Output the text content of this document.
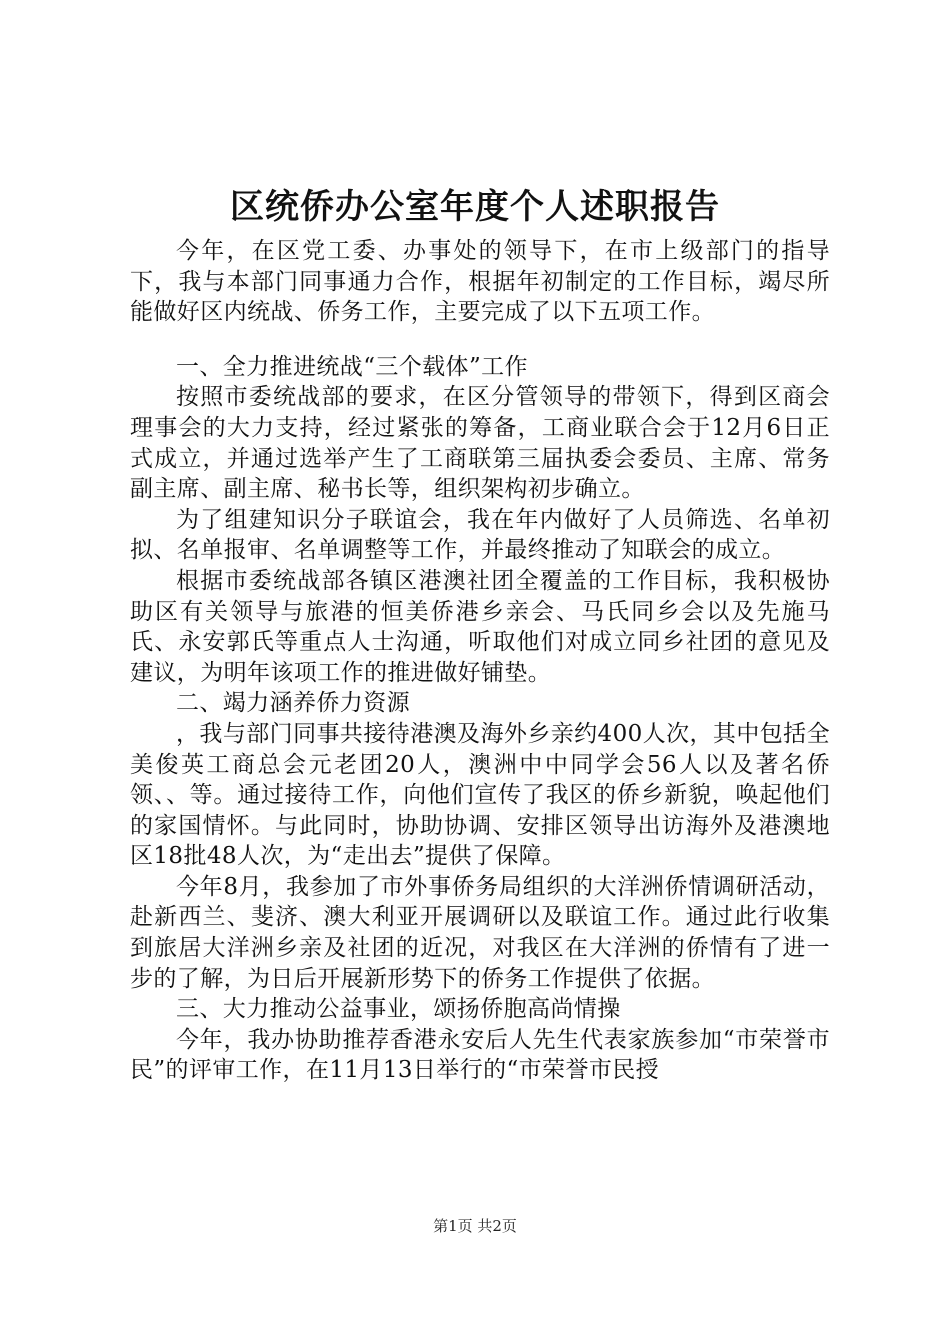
区统侨办公室年度个人述职报告

今年，在区党工委、办事处的领导下，在市上级部门的指导下，我与本部门同事通力合作，根据年初制定的工作目标，竭尽所能做好区内统战、侨务工作，主要完成了以下五项工作。

一、全力推进统战“三个载体”工作

按照市委统战部的要求，在区分管领导的带领下，得到区商会理事会的大力支持，经过紧张的筹备，工商业联合会于12月6日正式成立，并通过选举产生了工商联第三届执委会委员、主席、常务副主席、副主席、秘书长等，组织架构初步确立。

为了组建知识分子联谊会，我在年内做好了人员筛选、名单初拟、名单报审、名单调整等工作，并最终推动了知联会的成立。

根据市委统战部各镇区港澳社团全覆盖的工作目标，我积极协助区有关领导与旅港的恒美侨港乡亲会、马氏同乡会以及先施马氏、永安郭氏等重点人士沟通，听取他们对成立同乡社团的意见及建议，为明年该项工作的推进做好铺垫。

二、竭力涵养侨力资源

，我与部门同事共接待港澳及海外乡亲约400人次，其中包括全美俊英工商总会元老团20人，澳洲中中同学会56人以及著名侨领、、等。通过接待工作，向他们宣传了我区的侨乡新貌，唤起他们的家国情怀。与此同时，协助协调、安排区领导出访海外及港澳地区18批48人次，为“走出去”提供了保障。

今年8月，我参加了市外事侨务局组织的大洋洲侨情调研活动，赴新西兰、斐济、澳大利亚开展调研以及联谊工作。通过此行收集到旅居大洋洲乡亲及社团的近况，对我区在大洋洲的侨情有了进一步的了解，为日后开展新形势下的侨务工作提供了依据。

三、大力推动公益事业，颂扬侨胞高尚情操

今年，我办协助推荐香港永安后人先生代表家族参加“市荣誉市民”的评审工作，在11月13日举行的“市荣誉市民授

第1页 共2页
